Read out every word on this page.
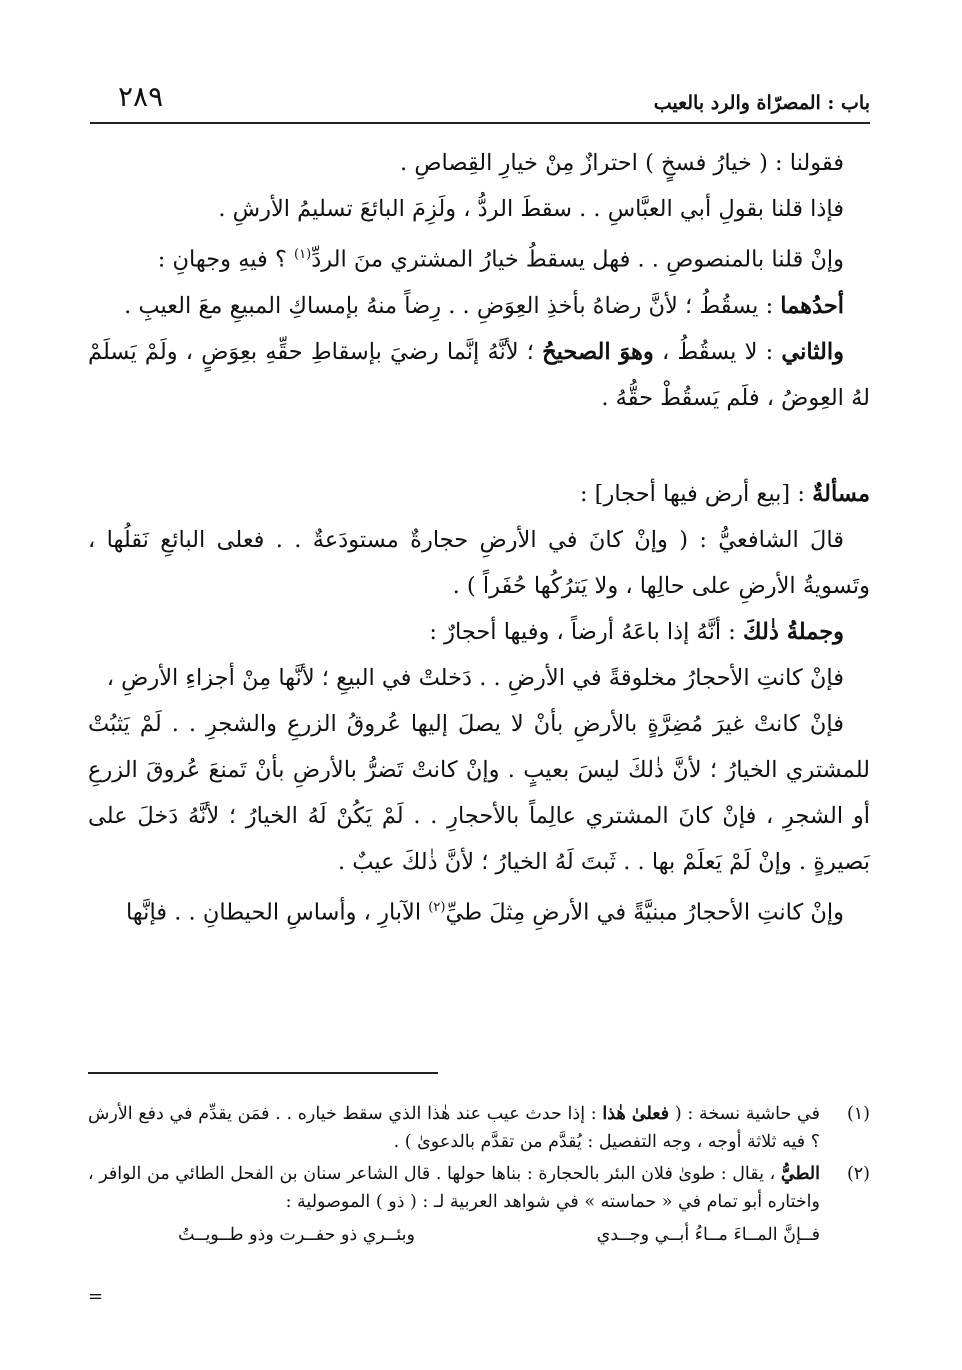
باب : المصرّاة والرد بالعيب
٢٨٩

فقولنا : ( خيارُ فسخٍ ) احترازٌ مِنْ خيارِ القِصاصِ .

فإذا قلنا بقولِ أبي العبَّاسِ . . سقطَ الردُّ ، ولَزِمَ البائعَ تسليمُ الأرشِ .

وإنْ قلنا بالمنصوصِ . . فهل يسقطُ خيارُ المشتري منَ الردِّ$^{(١)}$ ؟ فيهِ وجهانِ :

أحدُهما : يسقُطُ ؛ لأنَّ رضاهُ بأخذِ العِوَضِ . . رِضاً منهُ بإمساكِ المبيعِ معَ العيبِ .

والثاني : لا يسقُطُ ، وهوَ الصحيحُ ؛ لأنَّهُ إنَّما رضيَ بإسقاطِ حقِّهِ بعِوَضٍ ، ولَمْ يَسلَمْ لهُ العِوضُ ، فلَم يَسقُطْ حقُّهُ .

مسألةٌ : [بيع أرض فيها أحجار] :

قالَ الشافعيُّ : ( وإنْ كانَ في الأرضِ حجارةٌ مستودَعةٌ . . فعلى البائعِ نَقلُها ، وتَسويةُ الأرضِ على حالِها ، ولا يَترُكُها حُفَراً ) .

وجملةُ ذٰلكَ : أنَّهُ إذا باعَهُ أرضاً ، وفيها أحجارٌ :

فإنْ كانتِ الأحجارُ مخلوقةً في الأرضِ . . دَخلتْ في البيعِ ؛ لأنَّها مِنْ أجزاءِ الأرضِ ،

فإنْ كانتْ غيرَ مُضِرَّةٍ بالأرضِ بأنْ لا يصلَ إليها عُروقُ الزرعِ والشجرِ . . لَمْ يَثبُتْ للمشتري الخيارُ ؛ لأنَّ ذٰلكَ ليسَ بعيبٍ . وإنْ كانتْ تَضرُّ بالأرضِ بأنْ تَمنعَ عُروقَ الزرعِ أو الشجرِ ، فإنْ كانَ المشتري عالِماً بالأحجارِ . . لَمْ يَكُنْ لَهُ الخيارُ ؛ لأنَّهُ دَخلَ على بَصيرةٍ . وإنْ لَمْ يَعلَمْ بها . . ثَبتَ لَهُ الخيارُ ؛ لأنَّ ذٰلكَ عيبٌ .

وإنْ كانتِ الأحجارُ مبنيَّةً في الأرضِ مِثلَ طيِّ$^{(٢)}$ الآبارِ ، وأساسِ الحيطانِ . . فإنَّها

(١)
في حاشية نسخة : ( فعلىٰ هٰذا : إذا حدث عيب عند هٰذا الذي سقط خياره . . فمَن يقدِّم في دفع الأرش ؟ فيه ثلاثة أوجه ، وجه التفصيل : يُقدَّم من تقدَّم بالدعوىٰ ) .

(٢)
الطيُّ ، يقال : طوىٰ فلان البئر بالحجارة : بناها حولها . قال الشاعر سنان بن الفحل الطائي من الوافر ، واختاره أبو تمام في « حماسته » في شواهد العربية لـ : ( ذو ) الموصولية :

فــإنَّ المــاءَ مــاءُ أبــي وجــدي
وبئــري ذو حفــرت وذو طــويــتُ
=
